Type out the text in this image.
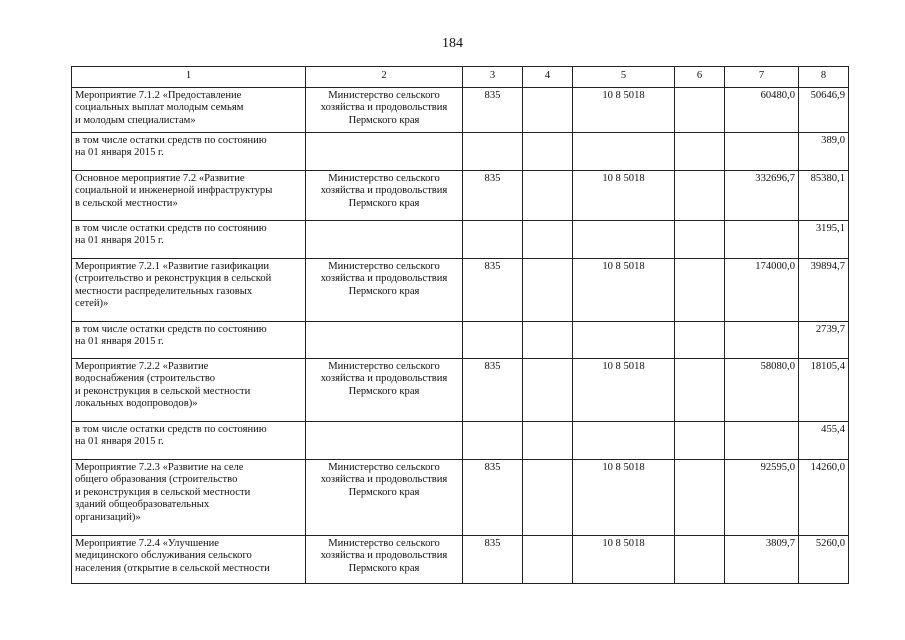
184
1	2	3	4	5	6	7	8

Мероприятие 7.1.2 «Предоставление
социальных выплат молодым семьям
и молодым специалистам»	Министерство сельского
хозяйства и продовольствия
Пермского края	835		10 8 5018		60480,0	50646,9

в том числе остатки средств по состоянию
на 01 января 2015 г.							389,0

Основное мероприятие 7.2 «Развитие
социальной и инженерной инфраструктуры
в сельской местности»	Министерство сельского
хозяйства и продовольствия
Пермского края	835		10 8 5018		332696,7	85380,1

в том числе остатки средств по состоянию
на 01 января 2015 г.							3195,1

Мероприятие 7.2.1 «Развитие газификации
(строительство и реконструкция в сельской
местности распределительных газовых
сетей)»	Министерство сельского
хозяйства и продовольствия
Пермского края	835		10 8 5018		174000,0	39894,7

в том числе остатки средств по состоянию
на 01 января 2015 г.							2739,7

Мероприятие 7.2.2 «Развитие
водоснабжения (строительство
и реконструкция в сельской местности
локальных водопроводов)»	Министерство сельского
хозяйства и продовольствия
Пермского края	835		10 8 5018		58080,0	18105,4

в том числе остатки средств по состоянию
на 01 января 2015 г.							455,4

Мероприятие 7.2.3 «Развитие на селе
общего образования (строительство
и реконструкция в сельской местности
зданий общеобразовательных
организаций)»	Министерство сельского
хозяйства и продовольствия
Пермского края	835		10 8 5018		92595,0	14260,0

Мероприятие 7.2.4 «Улучшение
медицинского обслуживания сельского
населения (открытие в сельской местности	Министерство сельского
хозяйства и продовольствия
Пермского края	835		10 8 5018		3809,7	5260,0
